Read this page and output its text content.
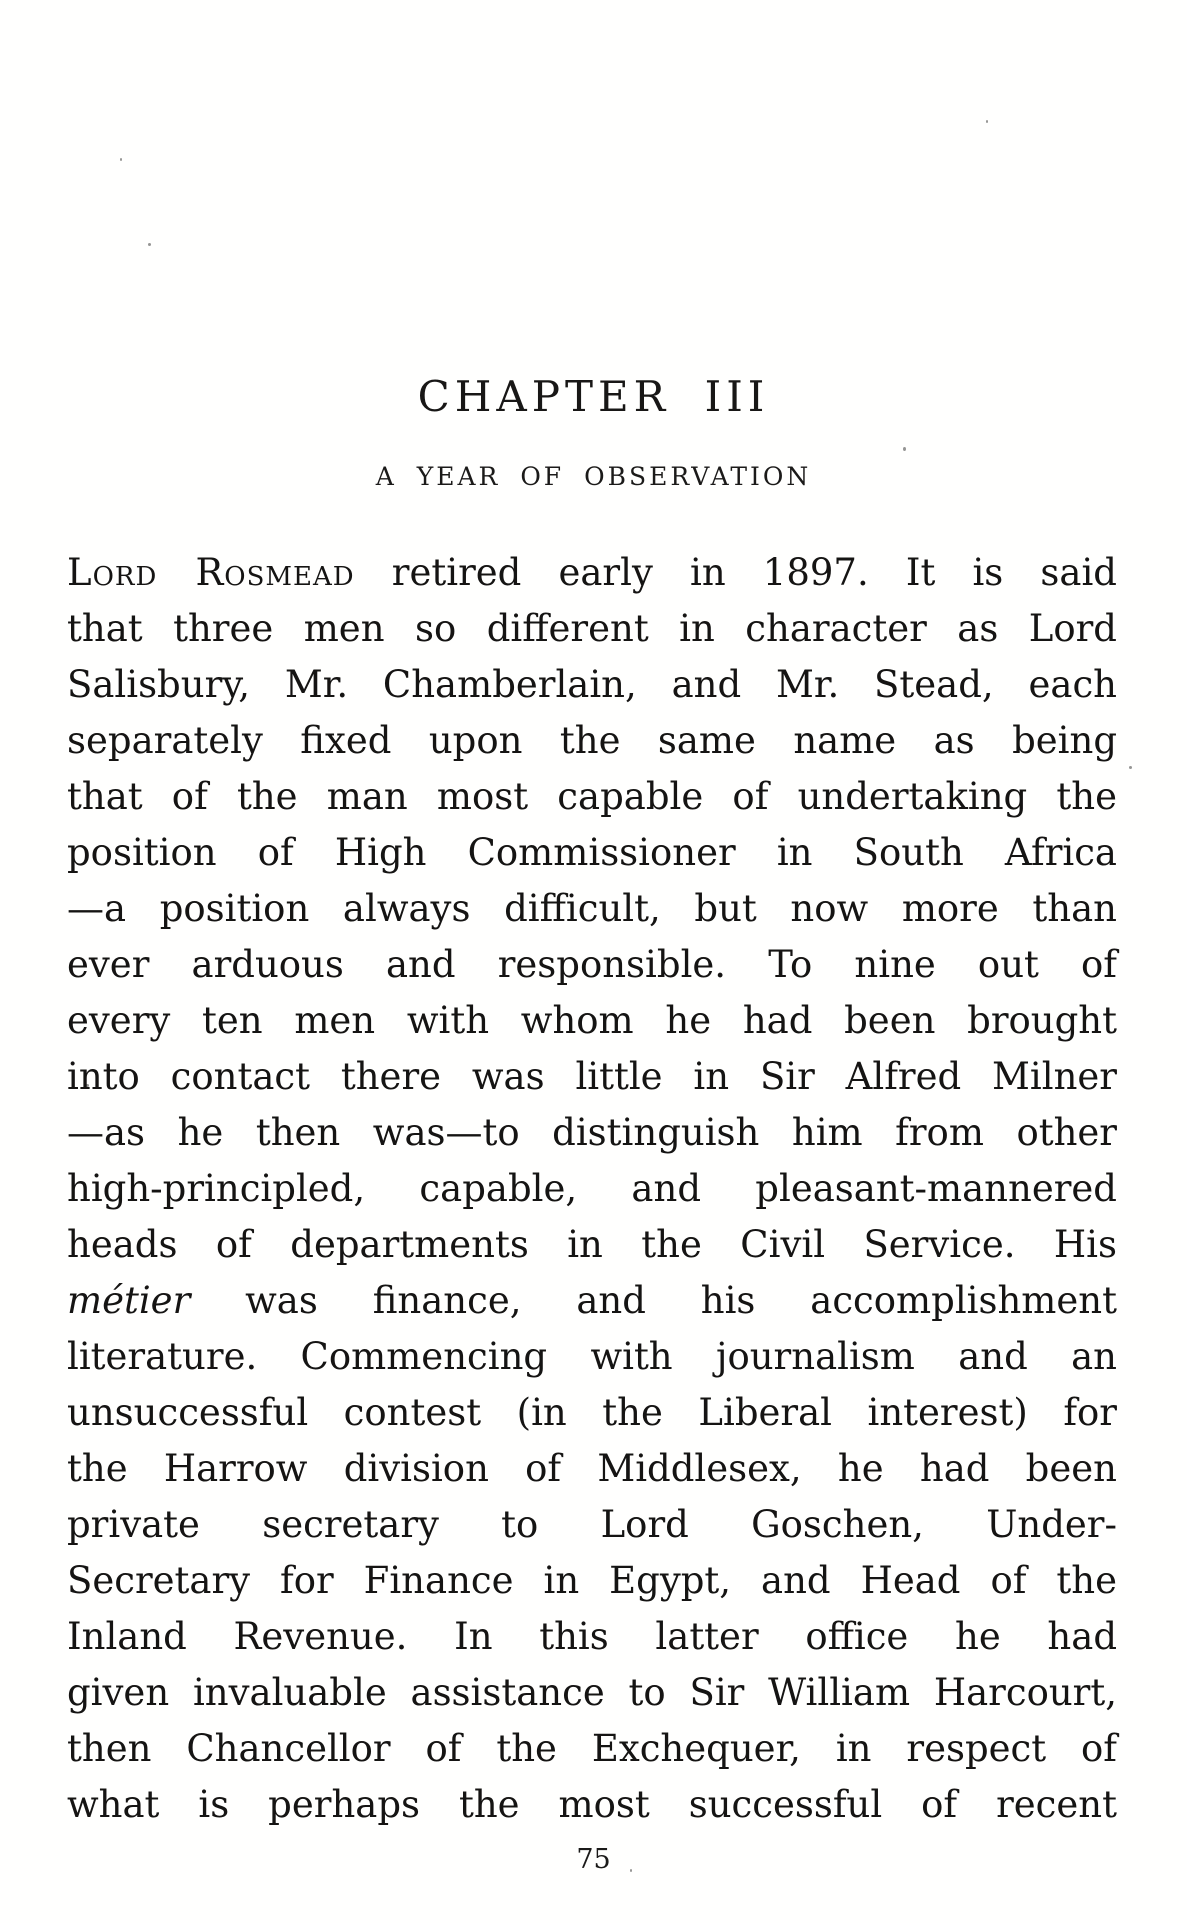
CHAPTER III
A YEAR OF OBSERVATION
Lord Rosmead retired early in 1897. It is said
that three men so different in character as Lord
Salisbury, Mr. Chamberlain, and Mr. Stead, each
separately fixed upon the same name as being
that of the man most capable of undertaking the
position of High Commissioner in South Africa
—a position always difficult, but now more than
ever arduous and responsible. To nine out of
every ten men with whom he had been brought
into contact there was little in Sir Alfred Milner
—as he then was—to distinguish him from other
high-principled, capable, and pleasant-mannered
heads of departments in the Civil Service. His
métier was finance, and his accomplishment
literature. Commencing with journalism and an
unsuccessful contest (in the Liberal interest) for
the Harrow division of Middlesex, he had been
private secretary to Lord Goschen, Under-
Secretary for Finance in Egypt, and Head of the
Inland Revenue. In this latter office he had
given invaluable assistance to Sir William Harcourt,
then Chancellor of the Exchequer, in respect of
what is perhaps the most successful of recent
75
